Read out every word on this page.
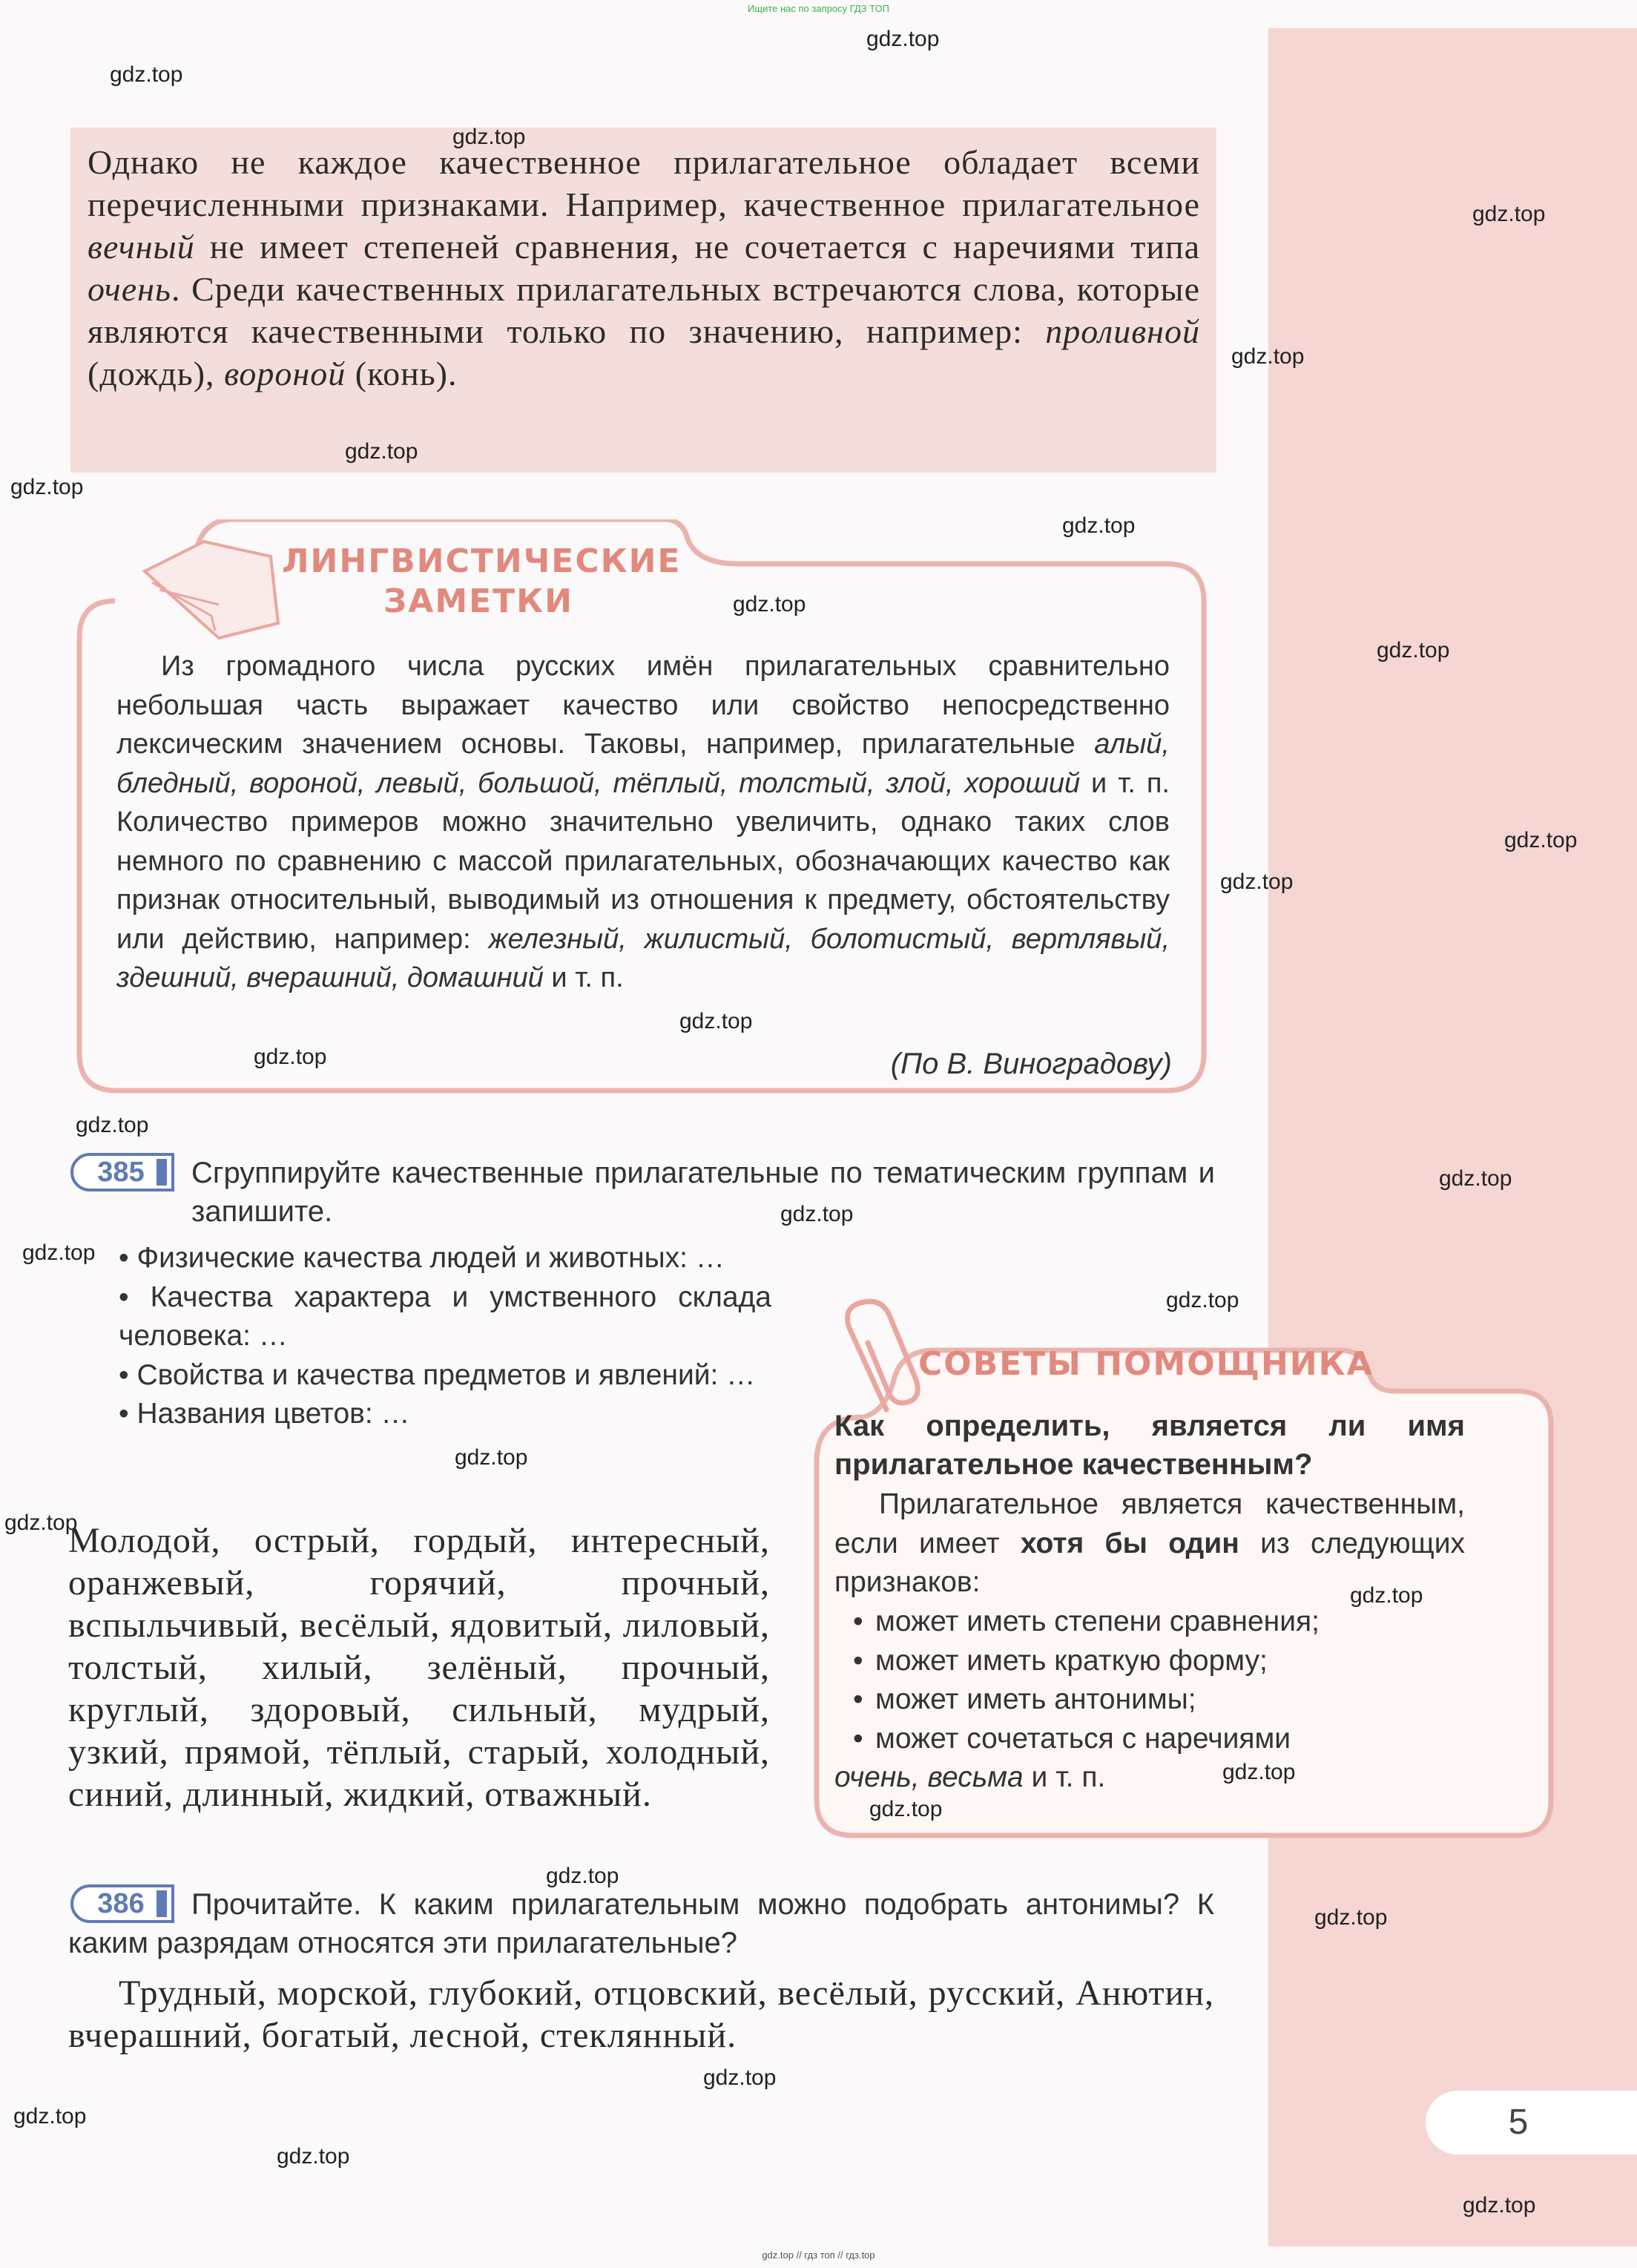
Ищите нас по запросу ГДЗ ТОП
Однако не каждое качественное прилагательное обладает всеми перечисленными признаками. Например, качественное прилагательное вечный не имеет степеней сравнения, не сочетается с наречиями типа очень. Среди качественных прилагательных встречаются слова, которые являются качественными только по значению, например: проливной (дождь), вороной (конь).
ЛИНГВИСТИЧЕСКИЕ
ЗАМЕТКИ
Из громадного числа русских имён прилагательных сравнительно небольшая часть выражает качество или свойство непосредственно лексическим значением основы. Таковы, например, прилагательные алый, бледный, вороной, левый, большой, тёплый, толстый, злой, хороший и т. п. Количество примеров можно значительно увеличить, однако таких слов немного по сравнению с массой прилагательных, обозначающих качество как признак относительный, выводимый из отношения к предмету, обстоятельству или действию, например: железный, жилистый, болотистый, вертлявый, здешний, вчерашний, домашний и т. п.
(По В. Виноградову)
385	Сгруппируйте качественные прилагательные по тематическим группам и запишите.

• Физические качества людей и животных: …

• Качества характера и умственного склада человека: …

• Свойства и качества предметов и явлений: …

• Названия цветов: …

Молодой, острый, гордый, интересный, оранжевый, горячий, прочный, вспыльчивый, весёлый, ядовитый, лиловый, толстый, хилый, зелёный, прочный, круглый, здоровый, сильный, мудрый, узкий, прямой, тёплый, старый, холодный, синий, длинный, жидкий, отважный.
СОВЕТЫ ПОМОЩНИКА
Как определить, является ли имя прилагательное качественным?
Прилагательное является качественным, если имеет хотя бы один из следующих признаков:
• может иметь степени сравнения;
• может иметь краткую форму;
• может иметь антонимы;
• может сочетаться с наречиями
очень, весьма и т. п.
386	Прочитайте. К каким прилагательным можно подобрать антонимы? К каким разрядам относятся эти прилагательные?
Трудный, морской, глубокий, отцовский, весёлый, русский, Анютин, вчерашний, богатый, лесной, стеклянный.
5
gdz.top // гдз топ // гдз.top
gdz.top
gdz.top
gdz.top
gdz.top
gdz.top
gdz.top
gdz.top
gdz.top
gdz.top
gdz.top
gdz.top
gdz.top
gdz.top
gdz.top
gdz.top
gdz.top
gdz.top
gdz.top
gdz.top
gdz.top
gdz.top
gdz.top
gdz.top
gdz.top
gdz.top
gdz.top
gdz.top
gdz.top
gdz.top
gdz.top
